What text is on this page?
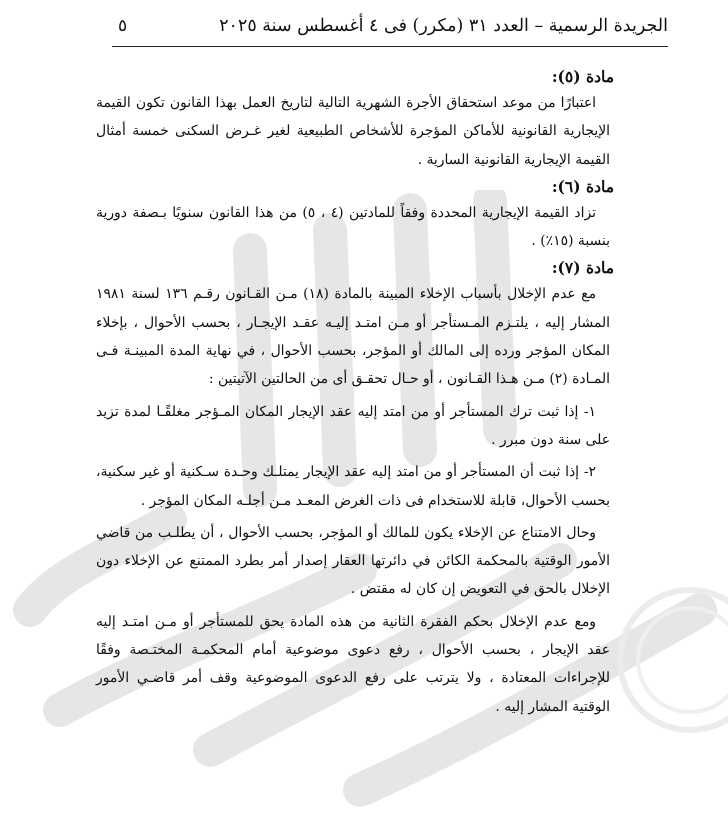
الجريدة الرسمية – العدد ٣١ (مكرر) فى ٤ أغسطس سنة ٢٠٢٥
٥
مادة (٥):

اعتبارًا من موعد استحقاق الأجرة الشهرية التالية لتاريخ العمل بهذا القانون تكون القيمة الإيجارية القانونية للأماكن المؤجرة للأشخاص الطبيعية لغير غـرض السكنى خمسة أمثال القيمة الإيجارية القانونية السارية .

مادة (٦):

تزاد القيمة الإيجارية المحددة وفقاً للمادتين (٤ ، ٥) من هذا القانون سنويًا بـصفة دورية بنسبة (١٥٪) .

مادة (٧):

مع عدم الإخلال بأسباب الإخلاء المبينة بالمادة (١٨) مـن القـانون رقـم ١٣٦ لسنة ١٩٨١ المشار إليه ، يلتـزم المـستأجر أو مـن امتـد إليـه عقـد الإيجـار ، بحسب الأحوال ، بإخلاء المكان المؤجر ورده إلى المالك أو المؤجر، بحسب الأحوال ، في نهاية المدة المبينـة فـى المـادة (٢) مـن هـذا القـانون ، أو حـال تحقـق أى من الحالتين الآتيتين :

١- إذا ثبت ترك المستأجر أو من امتد إليه عقد الإيجار المكان المـؤجر مغلقًـا لمدة تزيد على سنة دون مبرر .

٢- إذا ثبت أن المستأجر أو من امتد إليه عقد الإيجار يمتلـك وحـدة سـكنية أو غير سكنية، بحسب الأحوال، قابلة للاستخدام فى ذات الغرض المعـد مـن أجلـه المكان المؤجر .

وحال الامتناع عن الإخلاء يكون للمالك أو المؤجر، بحسب الأحوال ، أن يطلـب من قاضي الأمور الوقتية بالمحكمة الكائن في دائرتها العقار إصدار أمر بطرد الممتنع عن الإخلاء دون الإخلال بالحق في التعويض إن كان له مقتض .

ومع عدم الإخلال بحكم الفقرة الثانية من هذه المادة يحق للمستأجر أو مـن امتـد إليه عقد الإيجار ، بحسب الأحوال ، رفع دعوى موضوعية أمام المحكمـة المختـصة وفقًا للإجراءات المعتادة ، ولا يترتب على رفع الدعوى الموضوعية وقف أمر قاضـي الأمور الوقتية المشار إليه .
